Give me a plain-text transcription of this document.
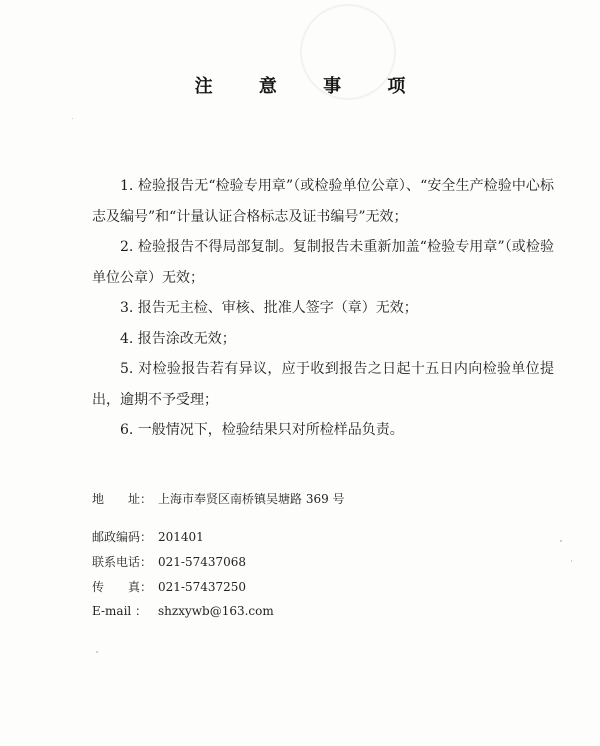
注 意 事 项

1. 检验报告无“检验专用章”（或检验单位公章）、“安全生产检验中心标志及编号”和“计量认证合格标志及证书编号”无效；

2. 检验报告不得局部复制。复制报告未重新加盖“检验专用章”（或检验单位公章）无效；

3. 报告无主检、审核、批准人签字（章）无效；

4. 报告涂改无效；

5. 对检验报告若有异议，应于收到报告之日起十五日内向检验单位提出，逾期不予受理；

6. 一般情况下，检验结果只对所检样品负责。

地　　址： 上海市奉贤区南桥镇吴塘路 369 号
邮政编码： 201401
联系电话： 021-57437068
传　　真： 021-57437250
E-mail ： shzxywb@163.com
